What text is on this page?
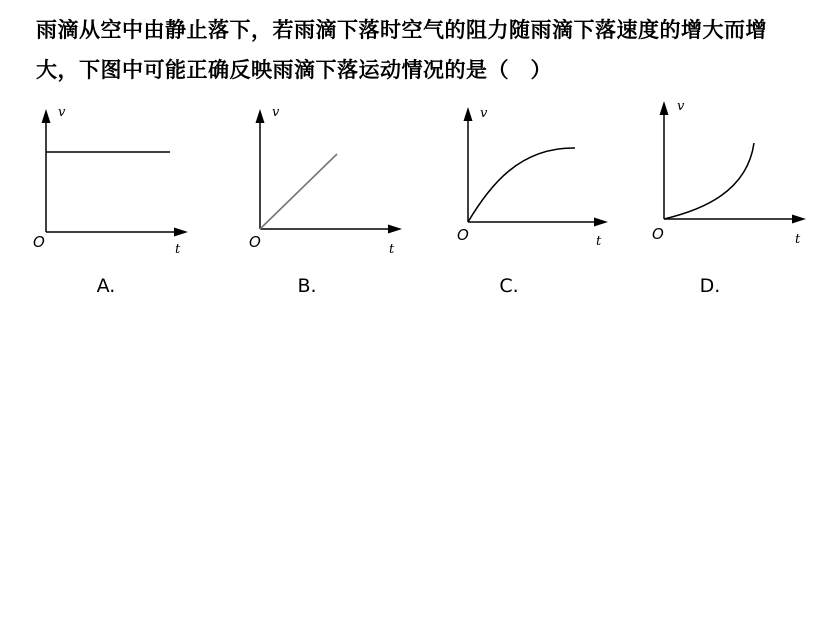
雨滴从空中由静止落下，若雨滴下落时空气的阻力随雨滴下落速度的增大而增大，下图中可能正确反映雨滴下落运动情况的是（　）

v
t
O
v
t
O
v
t
O
v
t
O
A.	B.	C.	D.
